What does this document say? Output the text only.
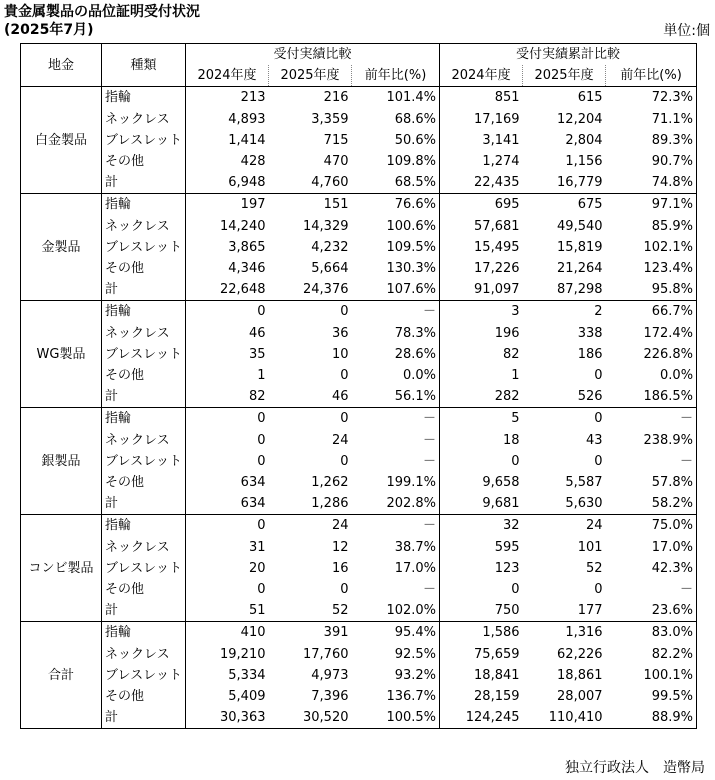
貴金属製品の品位証明受付状況
(2025年7月)	単位:個
地金	種類	受付実績比較			受付実績累計比較		
		2024年度	2025年度	前年比(%)	2024年度	2025年度	前年比(%)
白金製品	指輪	213	216	101.4%	851	615	72.3%
	ネックレス	4,893	3,359	68.6%	17,169	12,204	71.1%
	ブレスレット	1,414	715	50.6%	3,141	2,804	89.3%
	その他	428	470	109.8%	1,274	1,156	90.7%
	計	6,948	4,760	68.5%	22,435	16,779	74.8%
金製品	指輪	197	151	76.6%	695	675	97.1%
	ネックレス	14,240	14,329	100.6%	57,681	49,540	85.9%
	ブレスレット	3,865	4,232	109.5%	15,495	15,819	102.1%
	その他	4,346	5,664	130.3%	17,226	21,264	123.4%
	計	22,648	24,376	107.6%	91,097	87,298	95.8%
WG製品	指輪	0	0	－	3	2	66.7%
	ネックレス	46	36	78.3%	196	338	172.4%
	ブレスレット	35	10	28.6%	82	186	226.8%
	その他	1	0	0.0%	1	0	0.0%
	計	82	46	56.1%	282	526	186.5%
銀製品	指輪	0	0	－	5	0	－
	ネックレス	0	24	－	18	43	238.9%
	ブレスレット	0	0	－	0	0	－
	その他	634	1,262	199.1%	9,658	5,587	57.8%
	計	634	1,286	202.8%	9,681	5,630	58.2%
コンビ製品	指輪	0	24	－	32	24	75.0%
	ネックレス	31	12	38.7%	595	101	17.0%
	ブレスレット	20	16	17.0%	123	52	42.3%
	その他	0	0	－	0	0	－
	計	51	52	102.0%	750	177	23.6%
合計	指輪	410	391	95.4%	1,586	1,316	83.0%
	ネックレス	19,210	17,760	92.5%	75,659	62,226	82.2%
	ブレスレット	5,334	4,973	93.2%	18,841	18,861	100.1%
	その他	5,409	7,396	136.7%	28,159	28,007	99.5%
	計	30,363	30,520	100.5%	124,245	110,410	88.9%
独立行政法人　造幣局
